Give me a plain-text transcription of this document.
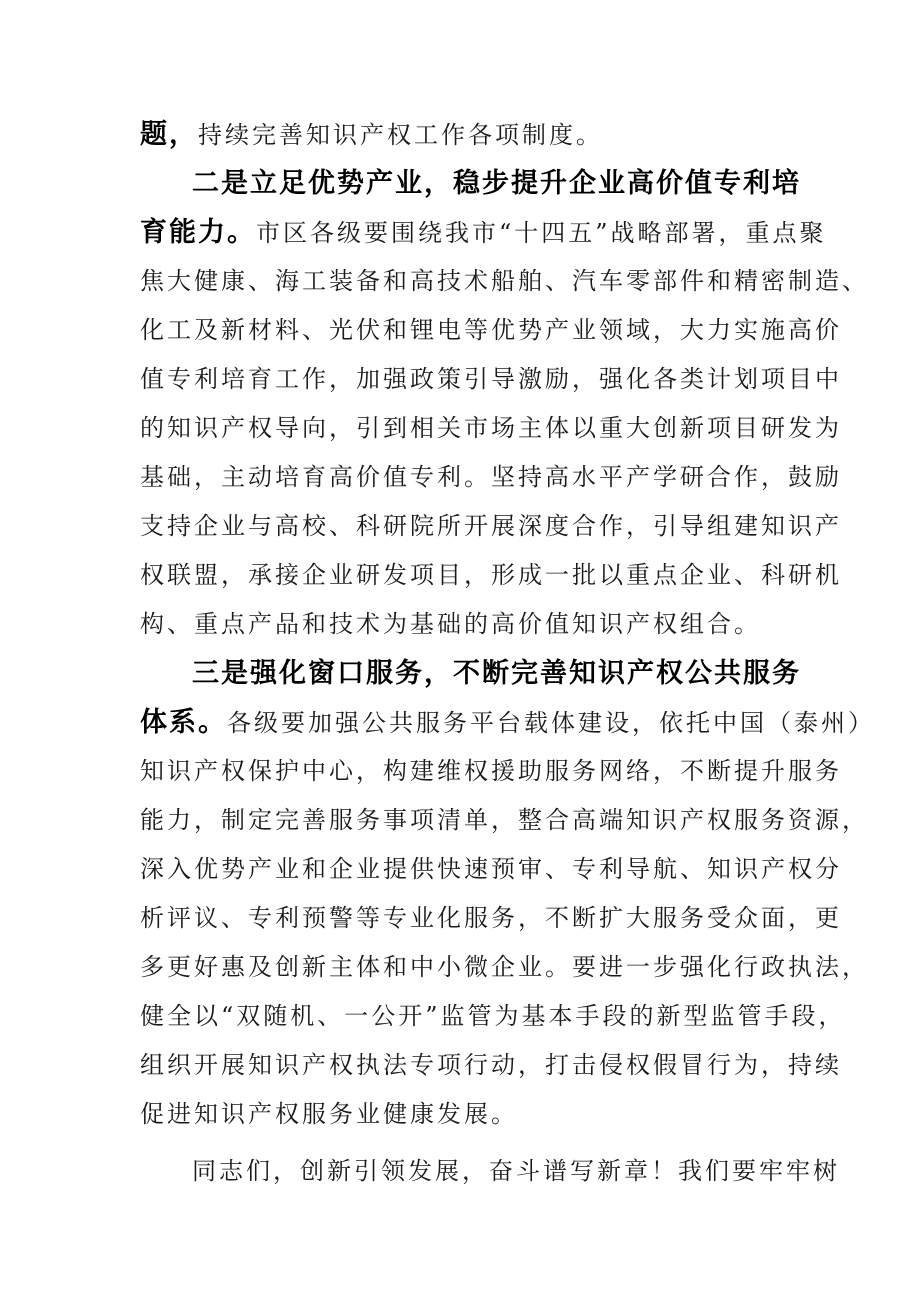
题，持续完善知识产权工作各项制度。
二是立足优势产业，稳步提升企业高价值专利培
育能力。市区各级要围绕我市“十四五”战略部署，重点聚
焦大健康、海工装备和高技术船舶、汽车零部件和精密制造、
化工及新材料、光伏和锂电等优势产业领域，大力实施高价
值专利培育工作，加强政策引导激励，强化各类计划项目中
的知识产权导向，引到相关市场主体以重大创新项目研发为
基础，主动培育高价值专利。坚持高水平产学研合作，鼓励
支持企业与高校、科研院所开展深度合作，引导组建知识产
权联盟，承接企业研发项目，形成一批以重点企业、科研机
构、重点产品和技术为基础的高价值知识产权组合。
三是强化窗口服务，不断完善知识产权公共服务
体系。各级要加强公共服务平台载体建设，依托中国（泰州）
知识产权保护中心，构建维权援助服务网络，不断提升服务
能力，制定完善服务事项清单，整合高端知识产权服务资源，
深入优势产业和企业提供快速预审、专利导航、知识产权分
析评议、专利预警等专业化服务，不断扩大服务受众面，更
多更好惠及创新主体和中小微企业。要进一步强化行政执法，
健全以“双随机、一公开”监管为基本手段的新型监管手段，
组织开展知识产权执法专项行动，打击侵权假冒行为，持续
促进知识产权服务业健康发展。
同志们，创新引领发展，奋斗谱写新章！我们要牢牢树
